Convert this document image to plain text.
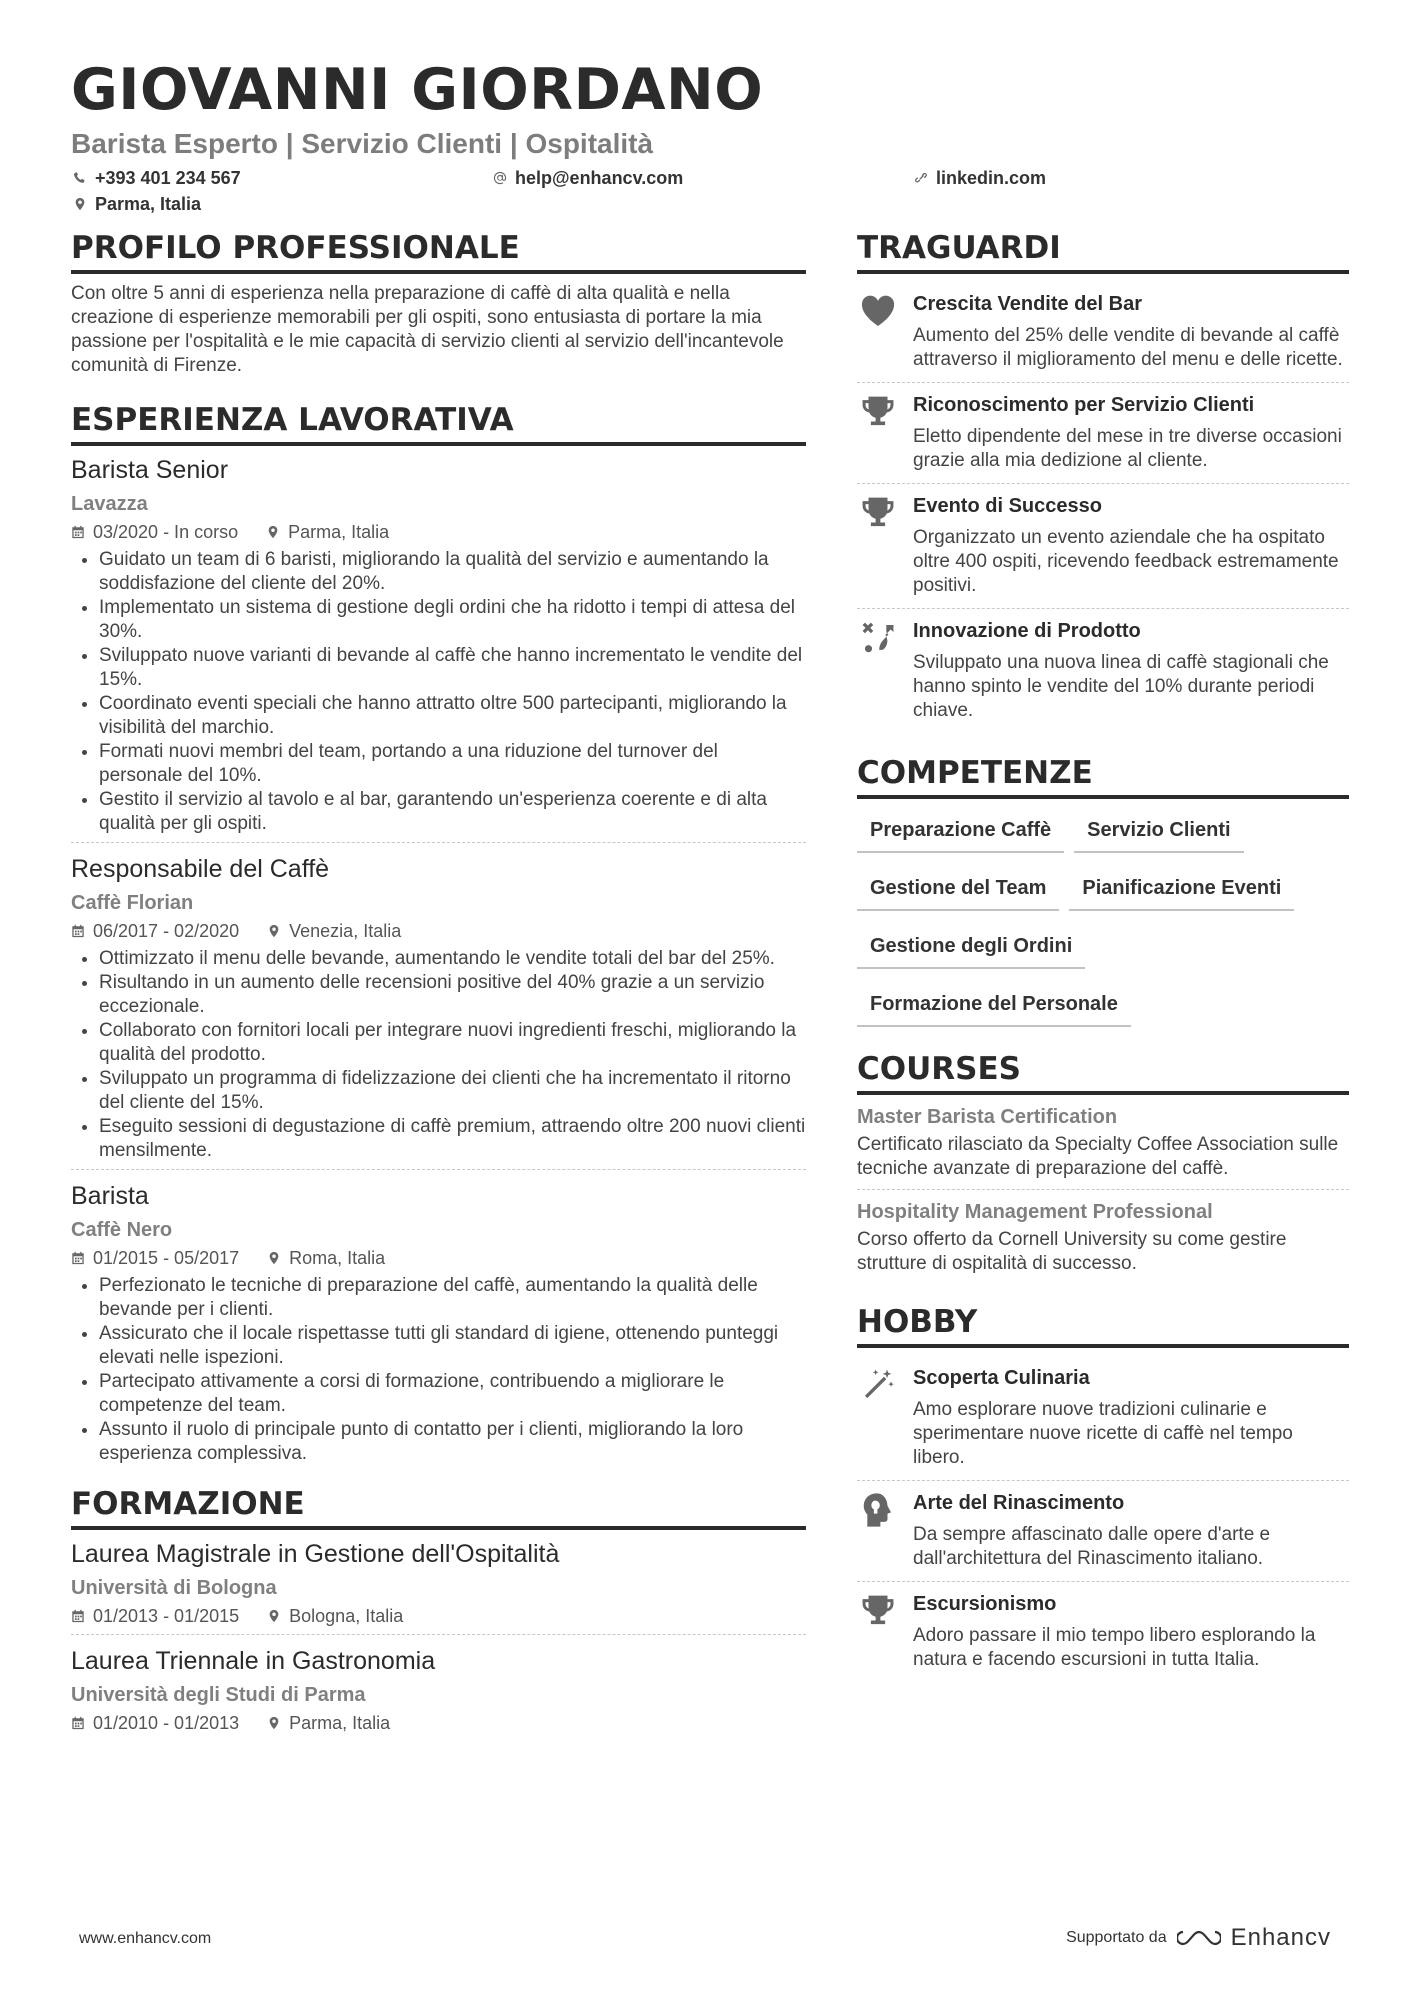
GIOVANNI GIORDANO
Barista Esperto | Servizio Clienti | Ospitalità
+393 401 234 567	help@enhancv.com	linkedin.com
Parma, Italia
PROFILO PROFESSIONALE
Con oltre 5 anni di esperienza nella preparazione di caffè di alta qualità e nella creazione di esperienze memorabili per gli ospiti, sono entusiasta di portare la mia passione per l'ospitalità e le mie capacità di servizio clienti al servizio dell'incantevole comunità di Firenze.
ESPERIENZA LAVORATIVA
Barista Senior
Lavazza
03/2020 - In corso	Parma, Italia
• Guidato un team di 6 baristi, migliorando la qualità del servizio e aumentando la soddisfazione del cliente del 20%.
• Implementato un sistema di gestione degli ordini che ha ridotto i tempi di attesa del 30%.
• Sviluppato nuove varianti di bevande al caffè che hanno incrementato le vendite del 15%.
• Coordinato eventi speciali che hanno attratto oltre 500 partecipanti, migliorando la visibilità del marchio.
• Formati nuovi membri del team, portando a una riduzione del turnover del personale del 10%.
• Gestito il servizio al tavolo e al bar, garantendo un'esperienza coerente e di alta qualità per gli ospiti.
Responsabile del Caffè
Caffè Florian
06/2017 - 02/2020	Venezia, Italia
• Ottimizzato il menu delle bevande, aumentando le vendite totali del bar del 25%.
• Risultando in un aumento delle recensioni positive del 40% grazie a un servizio eccezionale.
• Collaborato con fornitori locali per integrare nuovi ingredienti freschi, migliorando la qualità del prodotto.
• Sviluppato un programma di fidelizzazione dei clienti che ha incrementato il ritorno del cliente del 15%.
• Eseguito sessioni di degustazione di caffè premium, attraendo oltre 200 nuovi clienti mensilmente.
Barista
Caffè Nero
01/2015 - 05/2017	Roma, Italia
• Perfezionato le tecniche di preparazione del caffè, aumentando la qualità delle bevande per i clienti.
• Assicurato che il locale rispettasse tutti gli standard di igiene, ottenendo punteggi elevati nelle ispezioni.
• Partecipato attivamente a corsi di formazione, contribuendo a migliorare le competenze del team.
• Assunto il ruolo di principale punto di contatto per i clienti, migliorando la loro esperienza complessiva.
FORMAZIONE
Laurea Magistrale in Gestione dell'Ospitalità
Università di Bologna
01/2013 - 01/2015	Bologna, Italia
Laurea Triennale in Gastronomia
Università degli Studi di Parma
01/2010 - 01/2013	Parma, Italia
TRAGUARDI
Crescita Vendite del Bar
Aumento del 25% delle vendite di bevande al caffè attraverso il miglioramento del menu e delle ricette.
Riconoscimento per Servizio Clienti
Eletto dipendente del mese in tre diverse occasioni grazie alla mia dedizione al cliente.
Evento di Successo
Organizzato un evento aziendale che ha ospitato oltre 400 ospiti, ricevendo feedback estremamente positivi.
Innovazione di Prodotto
Sviluppato una nuova linea di caffè stagionali che hanno spinto le vendite del 10% durante periodi chiave.
COMPETENZE
Preparazione Caffè	Servizio Clienti
Gestione del Team	Pianificazione Eventi
Gestione degli Ordini
Formazione del Personale
COURSES
Master Barista Certification
Certificato rilasciato da Specialty Coffee Association sulle tecniche avanzate di preparazione del caffè.
Hospitality Management Professional
Corso offerto da Cornell University su come gestire strutture di ospitalità di successo.
HOBBY
Scoperta Culinaria
Amo esplorare nuove tradizioni culinarie e sperimentare nuove ricette di caffè nel tempo libero.
Arte del Rinascimento
Da sempre affascinato dalle opere d'arte e dall'architettura del Rinascimento italiano.
Escursionismo
Adoro passare il mio tempo libero esplorando la natura e facendo escursioni in tutta Italia.
www.enhancv.com	Supportato da	Enhancv
